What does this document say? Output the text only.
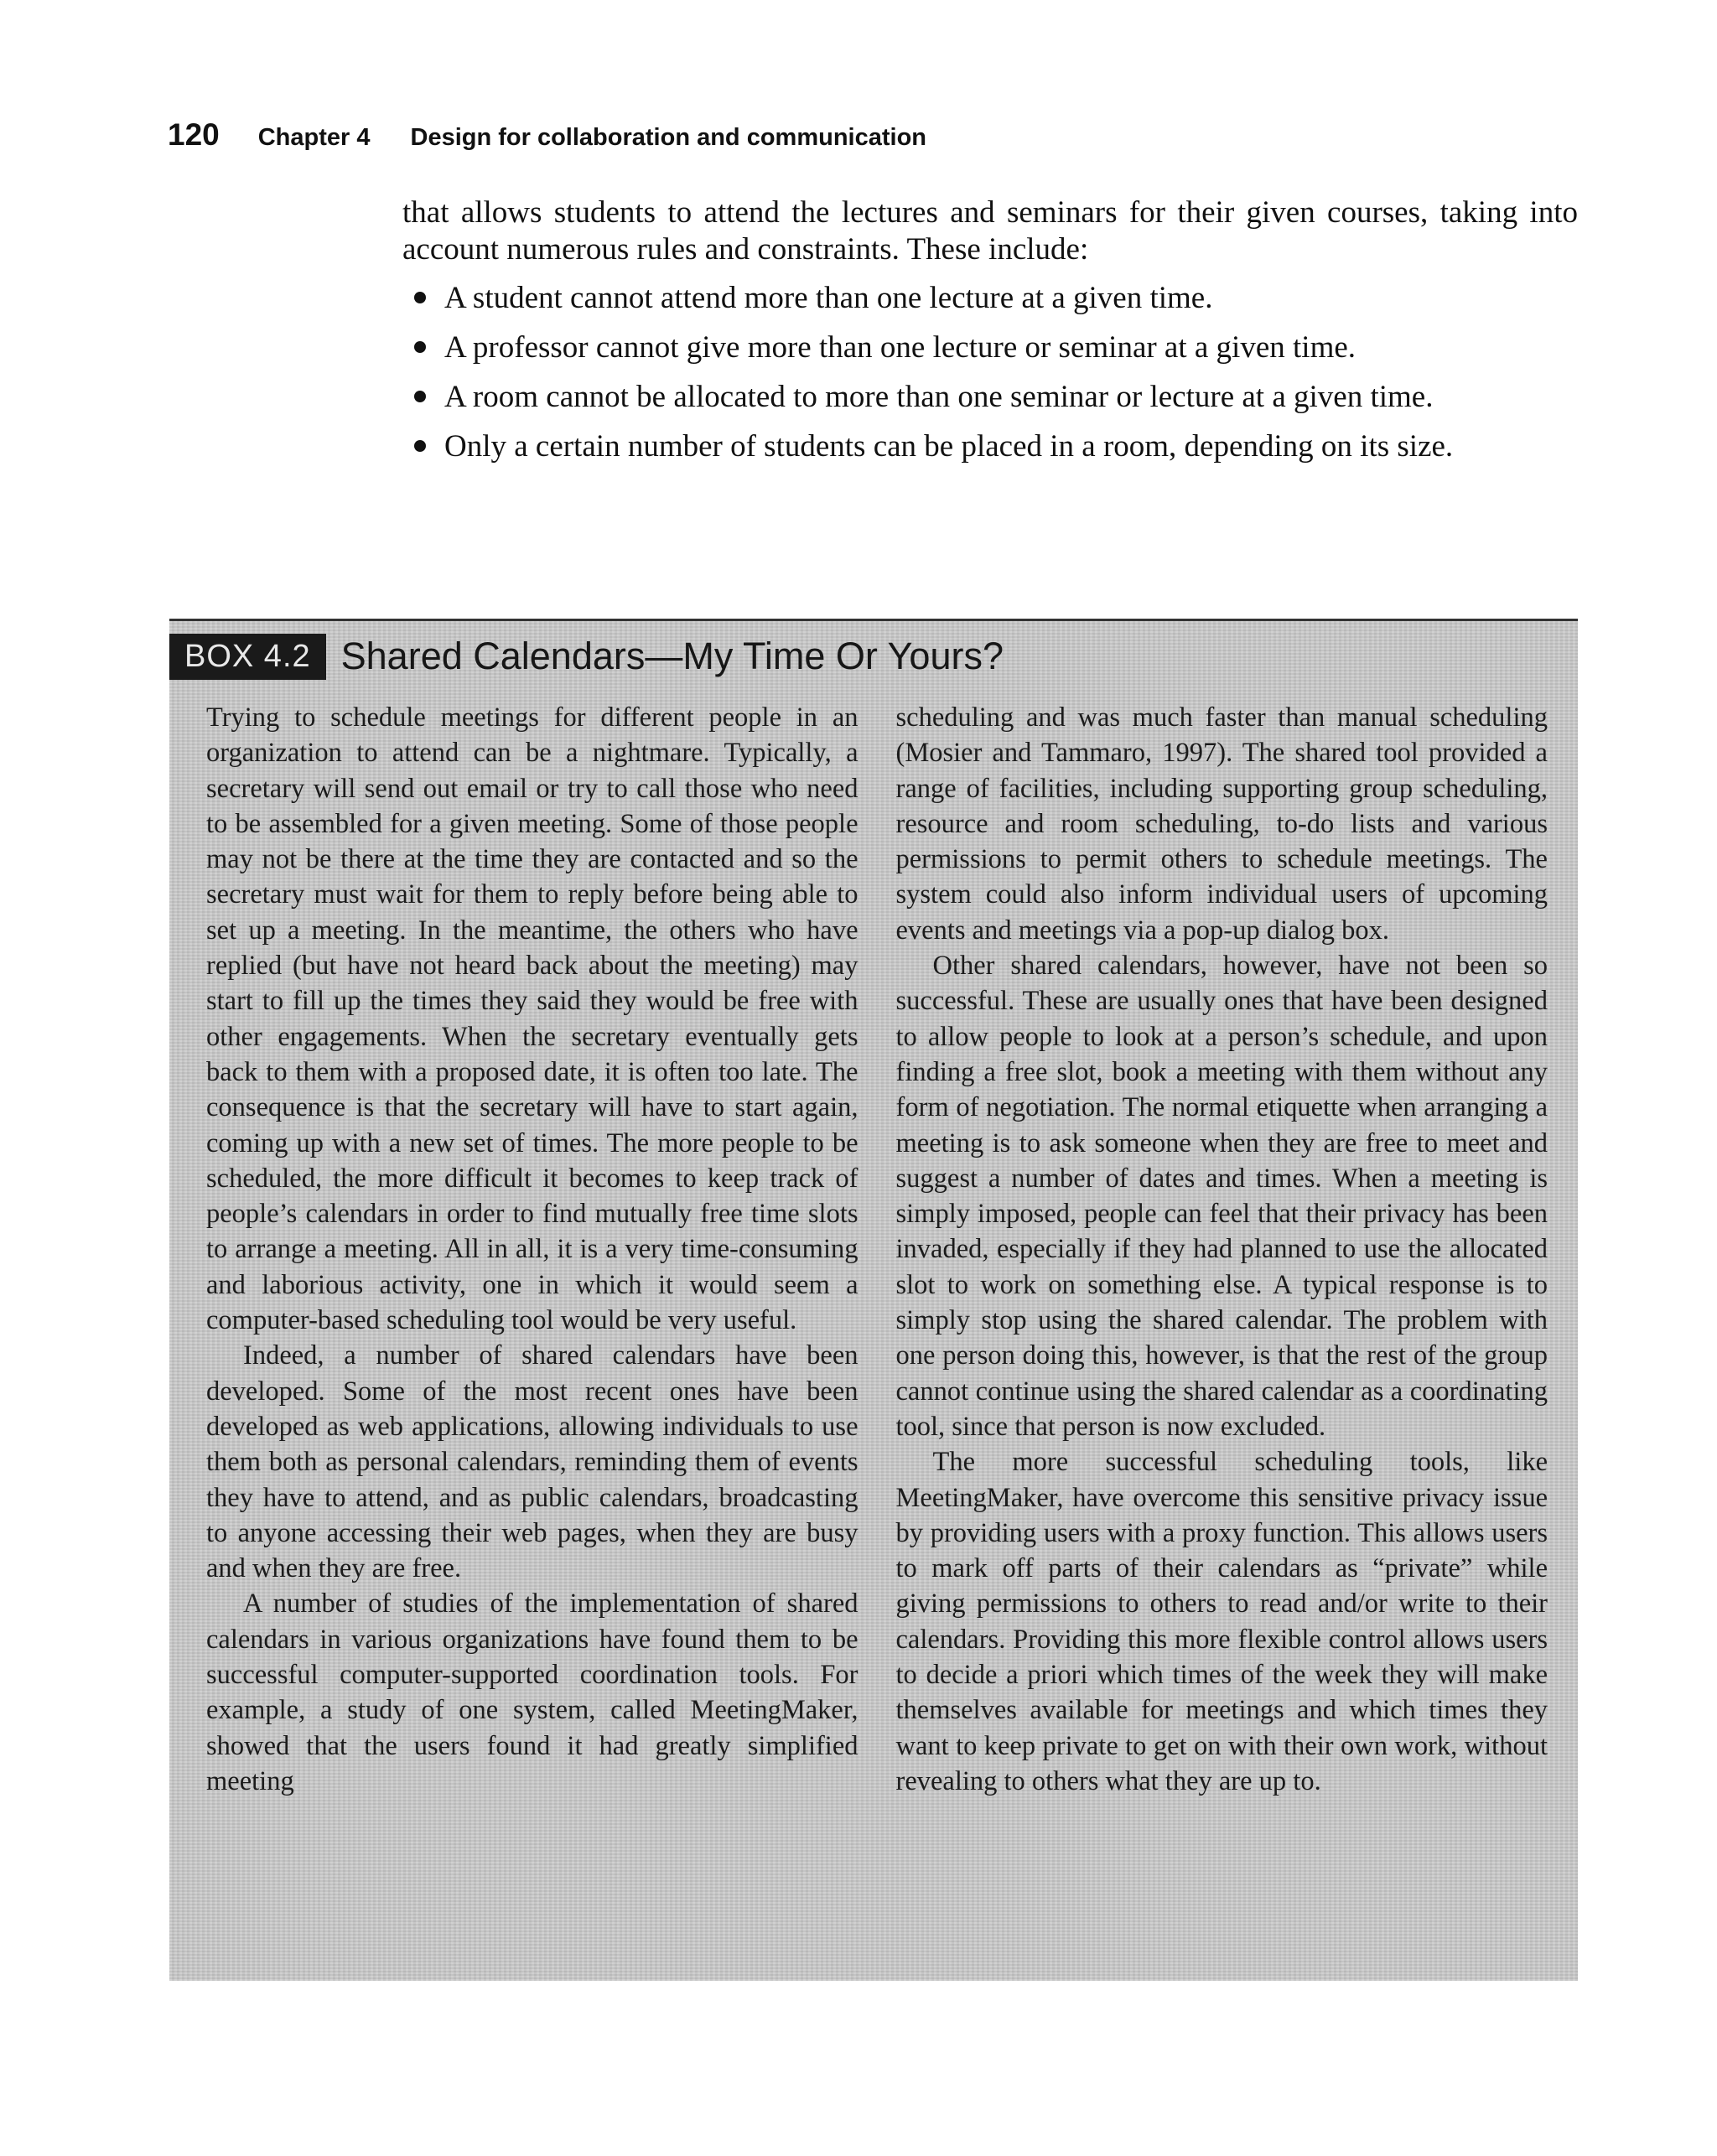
120 Chapter 4 Design for collaboration and communication

that allows students to attend the lectures and seminars for their given courses, taking into account numerous rules and constraints. These include:

A student cannot attend more than one lecture at a given time.
A professor cannot give more than one lecture or seminar at a given time.
A room cannot be allocated to more than one seminar or lecture at a given time.
Only a certain number of students can be placed in a room, depending on its size.
BOX 4.2 Shared Calendars—My Time Or Yours?

Trying to schedule meetings for different people in an organization to attend can be a nightmare. Typically, a secretary will send out email or try to call those who need to be assembled for a given meeting. Some of those people may not be there at the time they are contacted and so the secretary must wait for them to reply before being able to set up a meeting. In the meantime, the others who have replied (but have not heard back about the meeting) may start to fill up the times they said they would be free with other engagements. When the secretary eventually gets back to them with a proposed date, it is often too late. The consequence is that the secretary will have to start again, coming up with a new set of times. The more people to be scheduled, the more difficult it becomes to keep track of people’s calendars in order to find mutually free time slots to arrange a meeting. All in all, it is a very time-consuming and laborious activity, one in which it would seem a computer-based scheduling tool would be very useful.

Indeed, a number of shared calendars have been developed. Some of the most recent ones have been developed as web applications, allowing individuals to use them both as personal calendars, reminding them of events they have to attend, and as public calendars, broadcasting to anyone accessing their web pages, when they are busy and when they are free.

A number of studies of the implementation of shared calendars in various organizations have found them to be successful computer-supported coordination tools. For example, a study of one system, called MeetingMaker, showed that the users found it had greatly simplified meeting

scheduling and was much faster than manual scheduling (Mosier and Tammaro, 1997). The shared tool provided a range of facilities, including supporting group scheduling, resource and room scheduling, to-do lists and various permissions to permit others to schedule meetings. The system could also inform individual users of upcoming events and meetings via a pop-up dialog box.

Other shared calendars, however, have not been so successful. These are usually ones that have been designed to allow people to look at a person’s schedule, and upon finding a free slot, book a meeting with them without any form of negotiation. The normal etiquette when arranging a meeting is to ask someone when they are free to meet and suggest a number of dates and times. When a meeting is simply imposed, people can feel that their privacy has been invaded, especially if they had planned to use the allocated slot to work on something else. A typical response is to simply stop using the shared calendar. The problem with one person doing this, however, is that the rest of the group cannot continue using the shared calendar as a coordinating tool, since that person is now excluded.

The more successful scheduling tools, like MeetingMaker, have overcome this sensitive privacy issue by providing users with a proxy function. This allows users to mark off parts of their calendars as “private” while giving permissions to others to read and/or write to their calendars. Providing this more flexible control allows users to decide a priori which times of the week they will make themselves available for meetings and which times they want to keep private to get on with their own work, without revealing to others what they are up to.
